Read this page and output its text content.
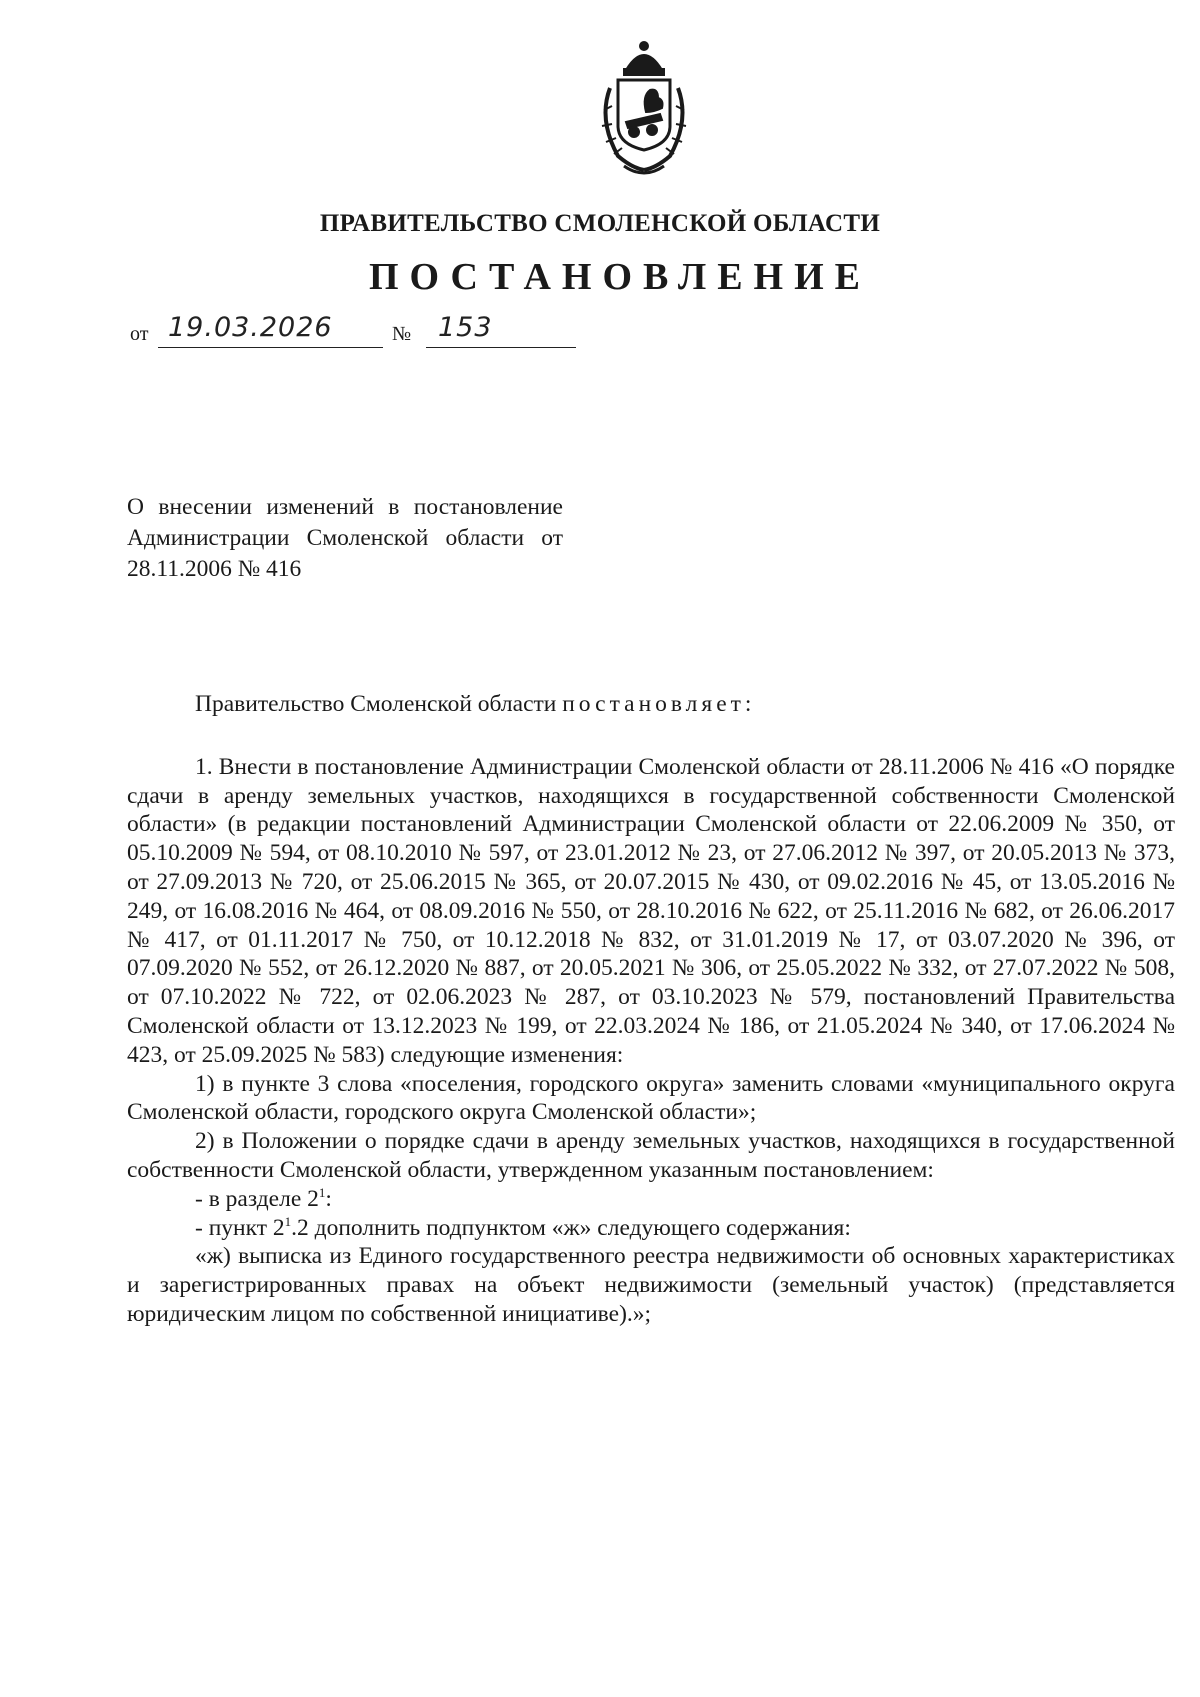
ПРАВИТЕЛЬСТВО СМОЛЕНСКОЙ ОБЛАСТИ
ПОСТАНОВЛЕНИЕ
от 19.03.2026	№ 153
О внесении изменений в постановление Администрации Смоленской области от 28.11.2006 № 416

Правительство Смоленской области постановляет:

1. Внести в постановление Администрации Смоленской области от 28.11.2006 № 416 «О порядке сдачи в аренду земельных участков, находящихся в государственной собственности Смоленской области» (в редакции постановлений Администрации Смоленской области от 22.06.2009 № 350, от 05.10.2009 № 594, от 08.10.2010 № 597, от 23.01.2012 № 23, от 27.06.2012 № 397, от 20.05.2013 № 373, от 27.09.2013 № 720, от 25.06.2015 № 365, от 20.07.2015 № 430, от 09.02.2016 № 45, от 13.05.2016 № 249, от 16.08.2016 № 464, от 08.09.2016 № 550, от 28.10.2016 № 622, от 25.11.2016 № 682, от 26.06.2017 № 417, от 01.11.2017 № 750, от 10.12.2018 № 832, от 31.01.2019 № 17, от 03.07.2020 № 396, от 07.09.2020 № 552, от 26.12.2020 № 887, от 20.05.2021 № 306, от 25.05.2022 № 332, от 27.07.2022 № 508, от 07.10.2022 № 722, от 02.06.2023 № 287, от 03.10.2023 № 579, постановлений Правительства Смоленской области от 13.12.2023 № 199, от 22.03.2024 № 186, от 21.05.2024 № 340, от 17.06.2024 № 423, от 25.09.2025 № 583) следующие изменения:

1) в пункте 3 слова «поселения, городского округа» заменить словами «муниципального округа Смоленской области, городского округа Смоленской области»;

2) в Положении о порядке сдачи в аренду земельных участков, находящихся в государственной собственности Смоленской области, утвержденном указанным постановлением:

- в разделе $2^1$:

- пункт $2^1.2$ дополнить подпунктом «ж» следующего содержания:

«ж) выписка из Единого государственного реестра недвижимости об основных характеристиках и зарегистрированных правах на объект недвижимости (земельный участок) (представляется юридическим лицом по собственной инициативе).»;
